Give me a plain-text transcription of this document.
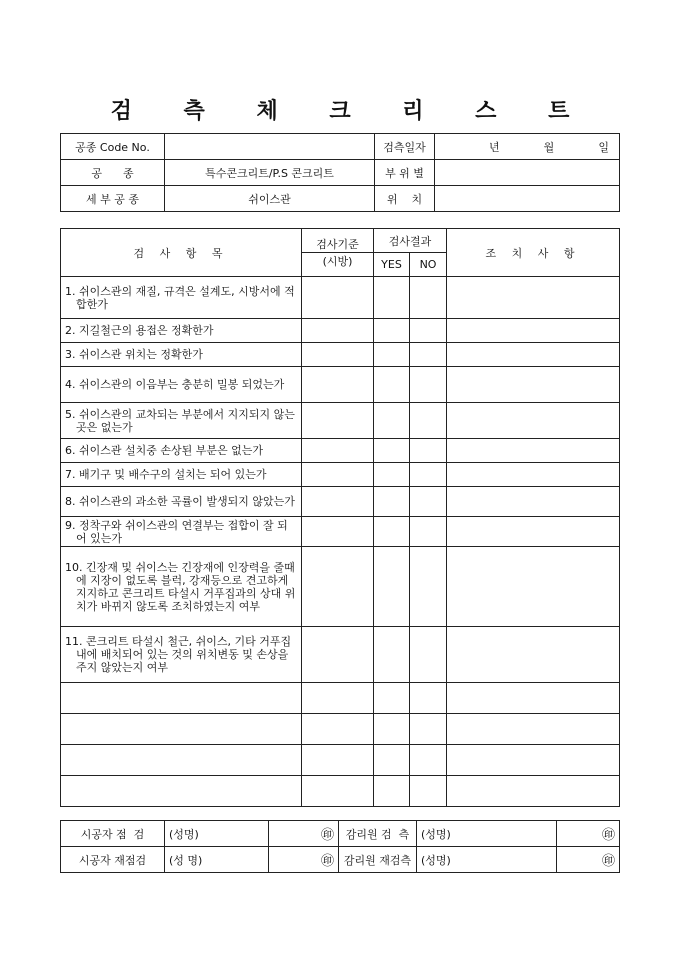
검 측 체 크 리 스 트
공종 Code No.		검측일자	년 월 일

공      종	특수콘크리트/P.S 콘크리트	부 위 별	
세 부 공 종	쉬이스관	위    치	
검 사 항 목	검사기준	검사결과		조 치 사 항
	(시방)	YES	NO	

1. 쉬이스관의 재질, 규격은 설계도, 시방서에 적합한가				

2. 지길철근의 용접은 정확한가				

3. 쉬이스관 위치는 정확한가				

4. 쉬이스관의 이음부는 충분히 밀봉 되었는가				

5. 쉬이스관의 교차되는 부분에서 지지되지 않는 곳은 없는가				

6. 쉬이스관 설치중 손상된 부분은 없는가				

7. 배기구 및 배수구의 설치는 되어 있는가				

8. 쉬이스관의 과소한 곡률이 발생되지 않았는가				

9. 정착구와 쉬이스관의 연결부는 접합이 잘 되어 있는가				

10. 긴장재 및 쉬이스는 긴장재에 인장력을 줄때에 지장이 없도록 블럭, 강재등으로 견고하게 지지하고 콘크리트 타설시 거푸집과의 상대 위치가 바뀌지 않도록 조치하였는지 여부				

11. 콘크리트 타설시 철근, 쉬이스, 기타 거푸집내에 배치되어 있는 것의 위치변동 및 손상을 주지 않았는지 여부				

시공자 점  검	(성명)	㊞	감리원 검  측	(성명)	㊞
시공자 재점검	(성 명)	㊞	감리원 재검측	(성명)	㊞
